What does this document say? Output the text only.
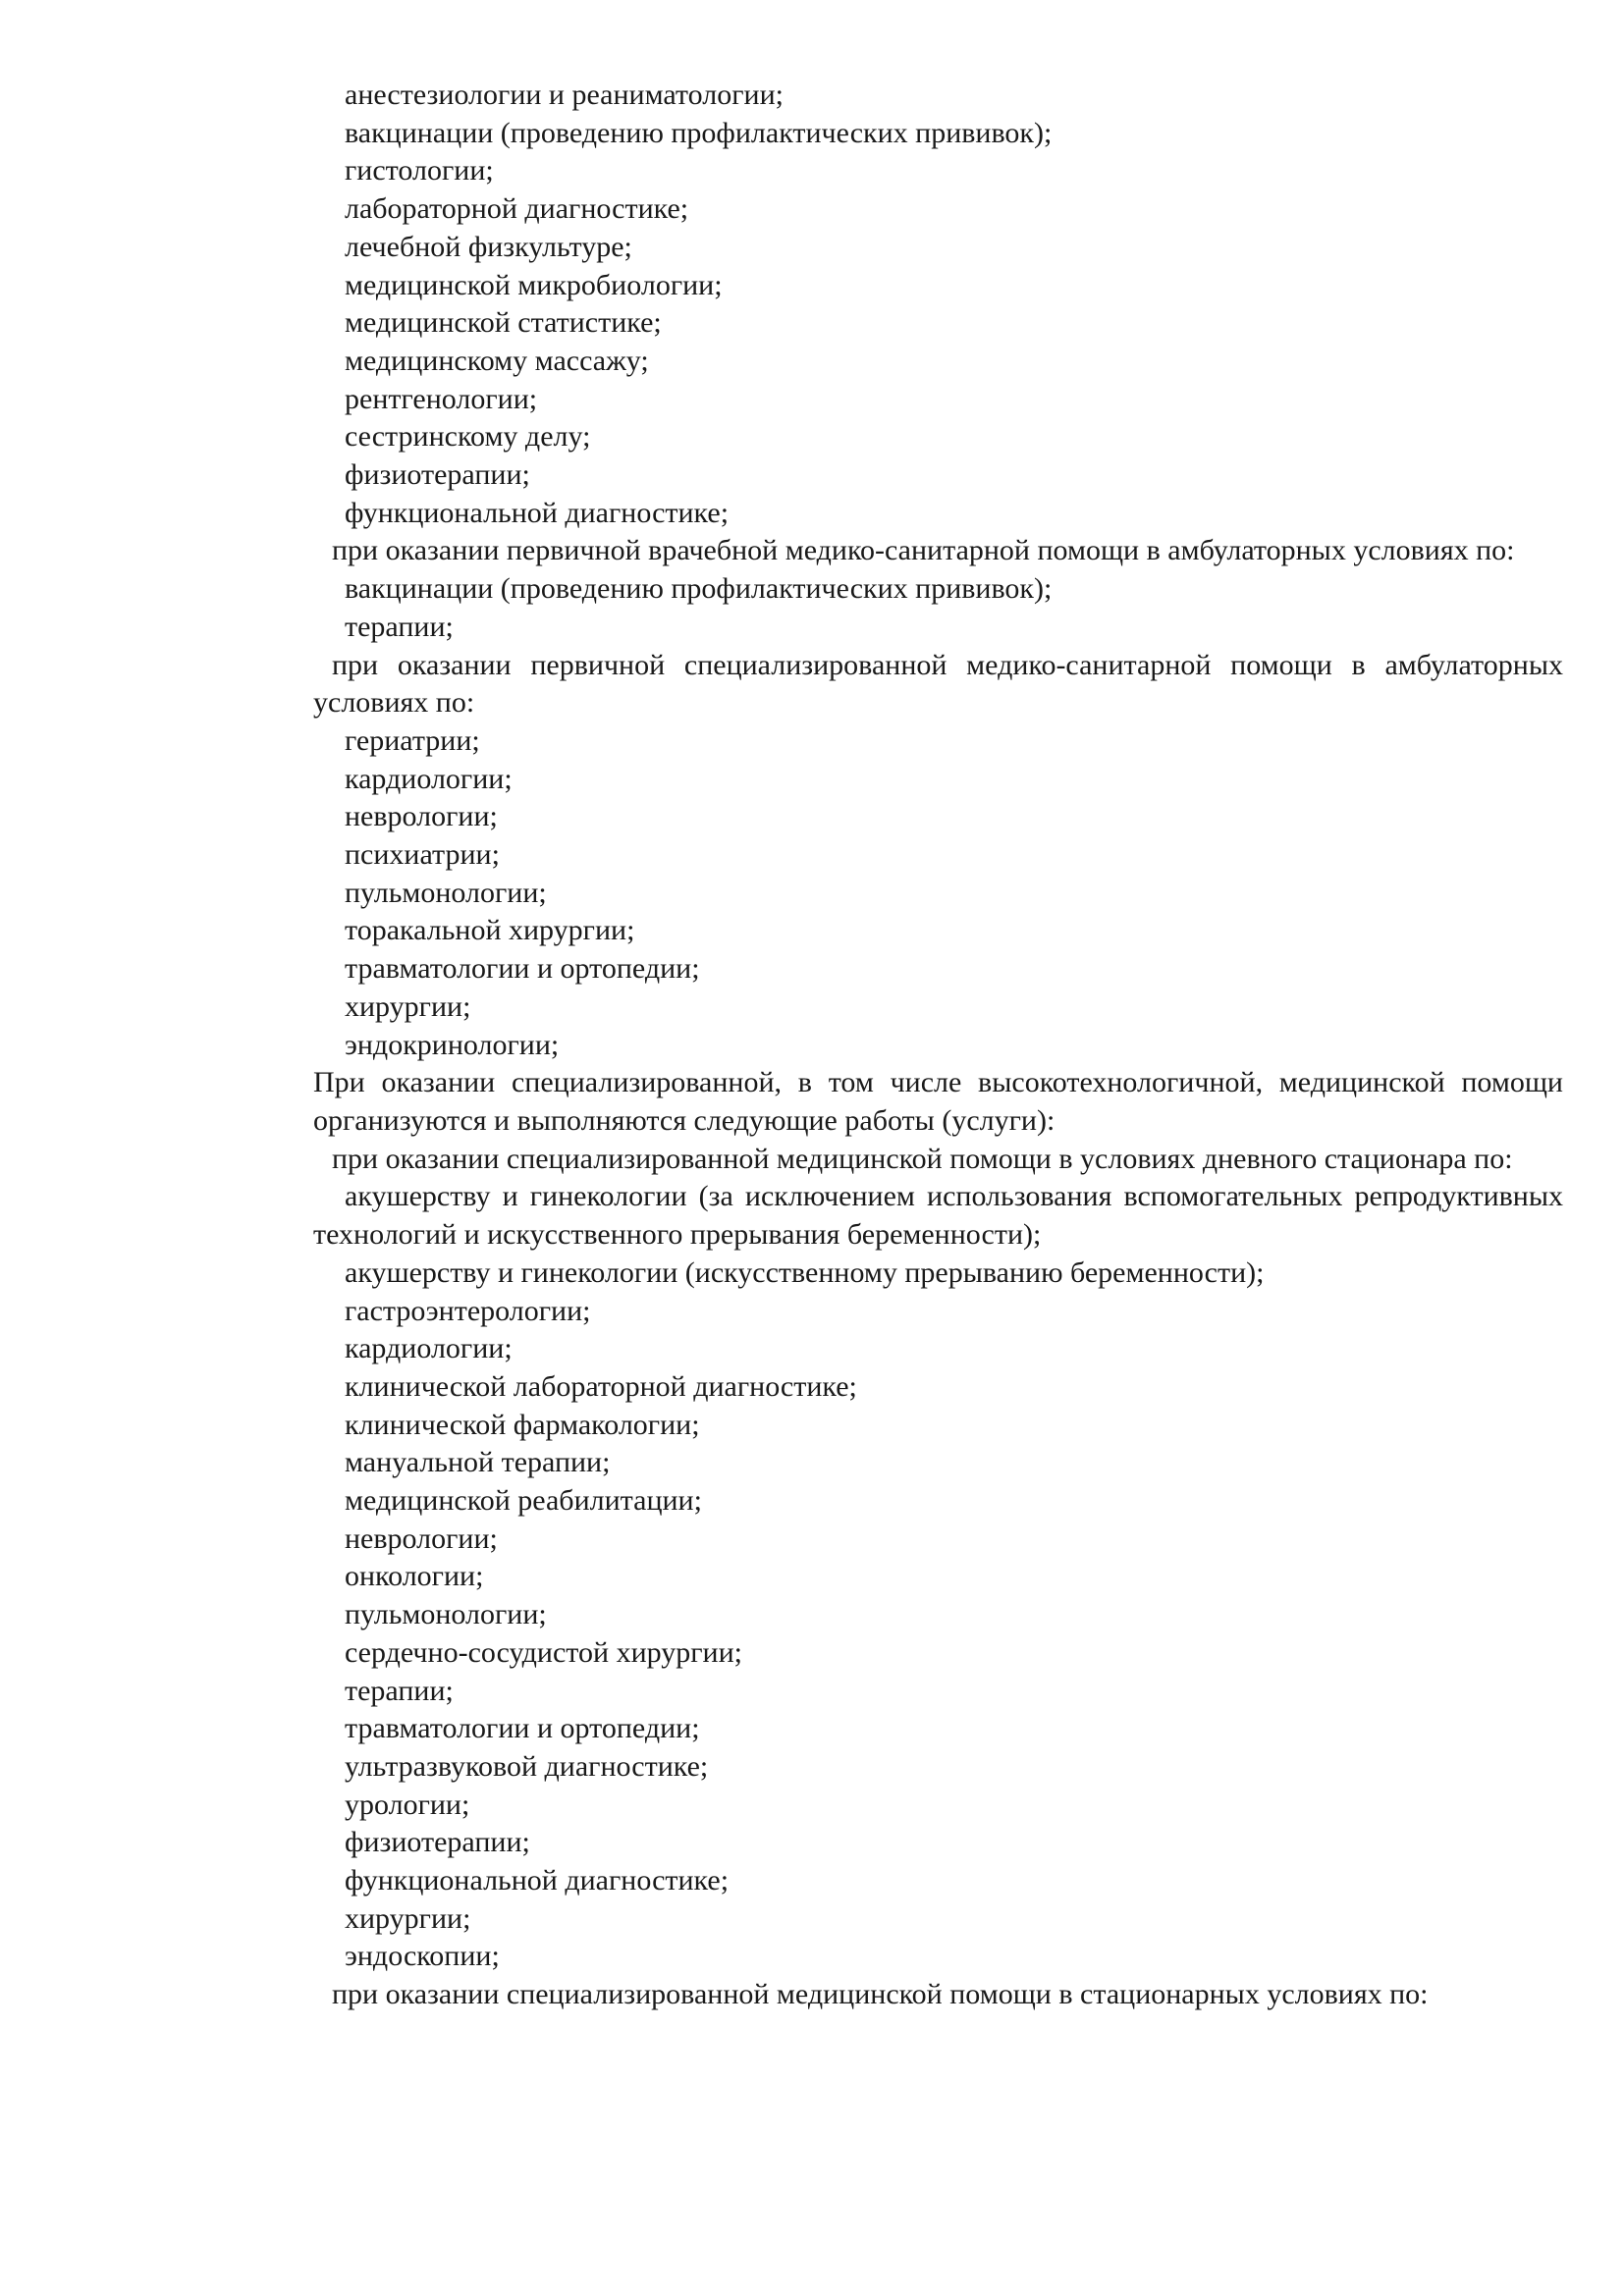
анестезиологии и реаниматологии;

вакцинации (проведению профилактических прививок);

гистологии;

лабораторной диагностике;

лечебной физкультуре;

медицинской микробиологии;

медицинской статистике;

медицинскому массажу;

рентгенологии;

сестринскому делу;

физиотерапии;

функциональной диагностике;

при оказании первичной врачебной медико-санитарной помощи в амбулаторных условиях по:

вакцинации (проведению профилактических прививок);

терапии;

при оказании первичной специализированной медико-санитарной помощи в амбулаторных условиях по:

гериатрии;

кардиологии;

неврологии;

психиатрии;

пульмонологии;

торакальной хирургии;

травматологии и ортопедии;

хирургии;

эндокринологии;

При оказании специализированной, в том числе высокотехнологичной, медицинской помощи организуются и выполняются следующие работы (услуги):

при оказании специализированной медицинской помощи в условиях дневного стационара по:

акушерству и гинекологии (за исключением использования вспомогательных репродуктивных технологий и искусственного прерывания беременности);

акушерству и гинекологии (искусственному прерыванию беременности);

гастроэнтерологии;

кардиологии;

клинической лабораторной диагностике;

клинической фармакологии;

мануальной терапии;

медицинской реабилитации;

неврологии;

онкологии;

пульмонологии;

сердечно-сосудистой хирургии;

терапии;

травматологии и ортопедии;

ультразвуковой диагностике;

урологии;

физиотерапии;

функциональной диагностике;

хирургии;

эндоскопии;

при оказании специализированной медицинской помощи в стационарных условиях по:
